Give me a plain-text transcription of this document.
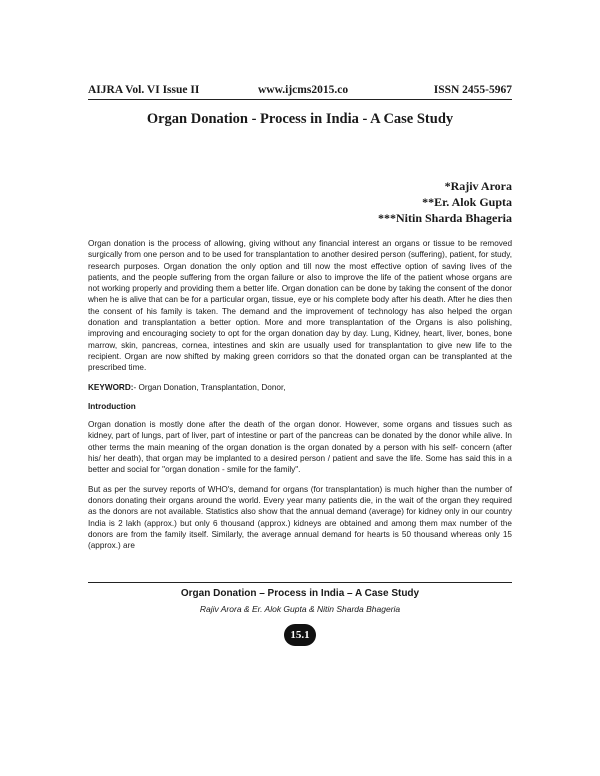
AIJRA Vol. VI Issue II	www.ijcms2015.co	ISSN 2455-5967
Organ Donation - Process in India - A Case Study
*Rajiv Arora
**Er. Alok Gupta
***Nitin Sharda Bhageria

Organ donation is the process of allowing, giving without any financial interest an organs or tissue to be removed surgically from one person and to be used for transplantation to another desired person (suffering), patient, for study, research purposes. Organ donation the only option and till now the most effective option of saving lives of the patients, and the people suffering from the organ failure or also to improve the life of the patient whose organs are not working properly and providing them a better life. Organ donation can be done by taking the consent of the donor when he is alive that can be for a particular organ, tissue, eye or his complete body after his death. After he dies then the consent of his family is taken. The demand and the improvement of technology has also helped the organ donation and transplantation a better option. More and more transplantation of the Organs is also polishing, improving and encouraging society to opt for the organ donation day by day. Lung, Kidney, heart, liver, bones, bone marrow, skin, pancreas, cornea, intestines and skin are usually used for transplantation to give new life to the recipient. Organ are now shifted by making green corridors so that the donated organ can be transplanted at the prescribed time.

KEYWORD:- Organ Donation, Transplantation, Donor,

Introduction

Organ donation is mostly done after the death of the organ donor. However, some organs and tissues such as kidney, part of lungs, part of liver, part of intestine or part of the pancreas can be donated by the donor while alive. In other terms the main meaning of the organ donation is the organ donated by a person with his self- concern (after his/ her death), that organ may be implanted to a desired person / patient and save the life. Some has said this in a better and social for "organ donation - smile for the family".

But as per the survey reports of WHO's, demand for organs (for transplantation) is much higher than the number of donors donating their organs around the world. Every year many patients die, in the wait of the organ they required as the donors are not available. Statistics also show that the annual demand (average) for kidney only in our country India is 2 lakh (approx.) but only 6 thousand (approx.) kidneys are obtained and among them max number of the donors are from the family itself. Similarly, the average annual demand for hearts is 50 thousand whereas only 15 (approx.) are

Organ Donation – Process in India – A Case Study
Rajiv Arora & Er. Alok Gupta & Nitin Sharda Bhageria
15.1
